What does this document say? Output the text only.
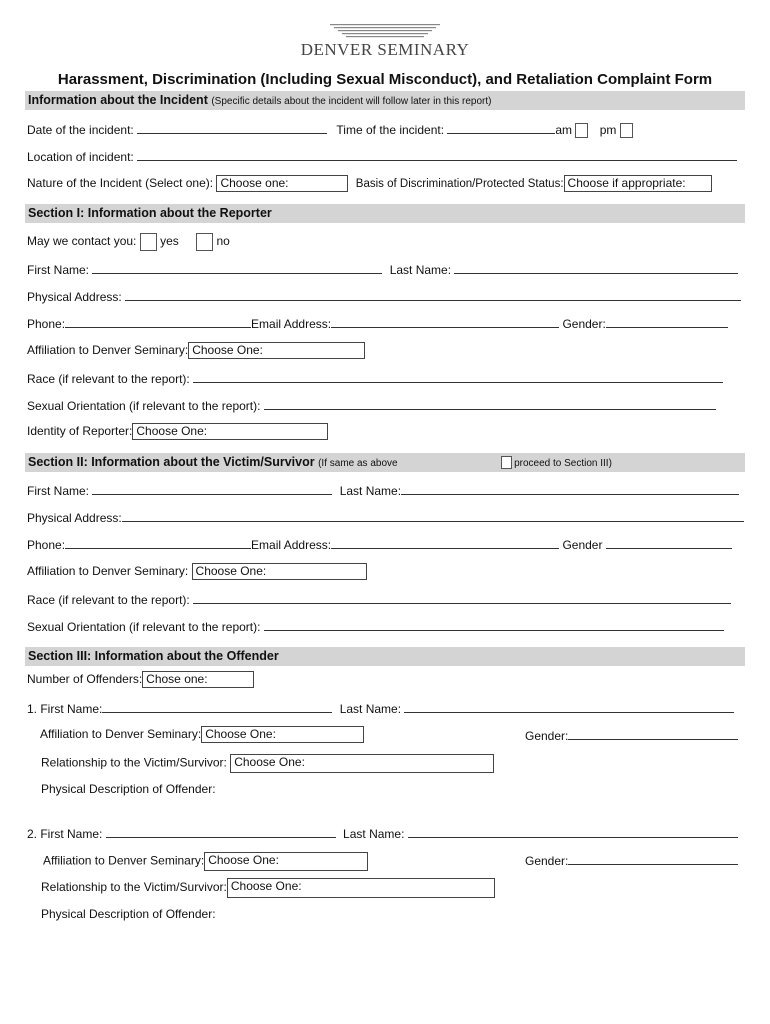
DENVER SEMINARY
Harassment, Discrimination (Including Sexual Misconduct), and Retaliation Complaint Form
Information about the Incident (Specific details about the incident will follow later in this report)
Date of the incident:	Time of the incident:	am pm
Location of incident:
Nature of the Incident (Select one): Choose one:	Basis of Discrimination/Protected Status: Choose if appropriate:
Section I: Information about the Reporter
May we contact you: yes	no
First Name:	Last Name:
Physical Address:
Phone:	Email Address:	Gender:
Affiliation to Denver Seminary: Choose One:
Race (if relevant to the report):
Sexual Orientation (if relevant to the report):
Identity of Reporter: Choose One:
Section II: Information about the Victim/Survivor (If same as above	proceed to Section III)
First Name:	Last Name:
Physical Address:
Phone:	Email Address:	Gender
Affiliation to Denver Seminary: Choose One:
Race (if relevant to the report):
Sexual Orientation (if relevant to the report):
Section III: Information about the Offender
Number of Offenders: Chose one:
1. First Name:	Last Name:
Affiliation to Denver Seminary: Choose One:	Gender:
Relationship to the Victim/Survivor: Choose One:
Physical Description of Offender:
2. First Name:	Last Name:
Affiliation to Denver Seminary: Choose One:	Gender:
Relationship to the Victim/Survivor: Choose One:
Physical Description of Offender:
